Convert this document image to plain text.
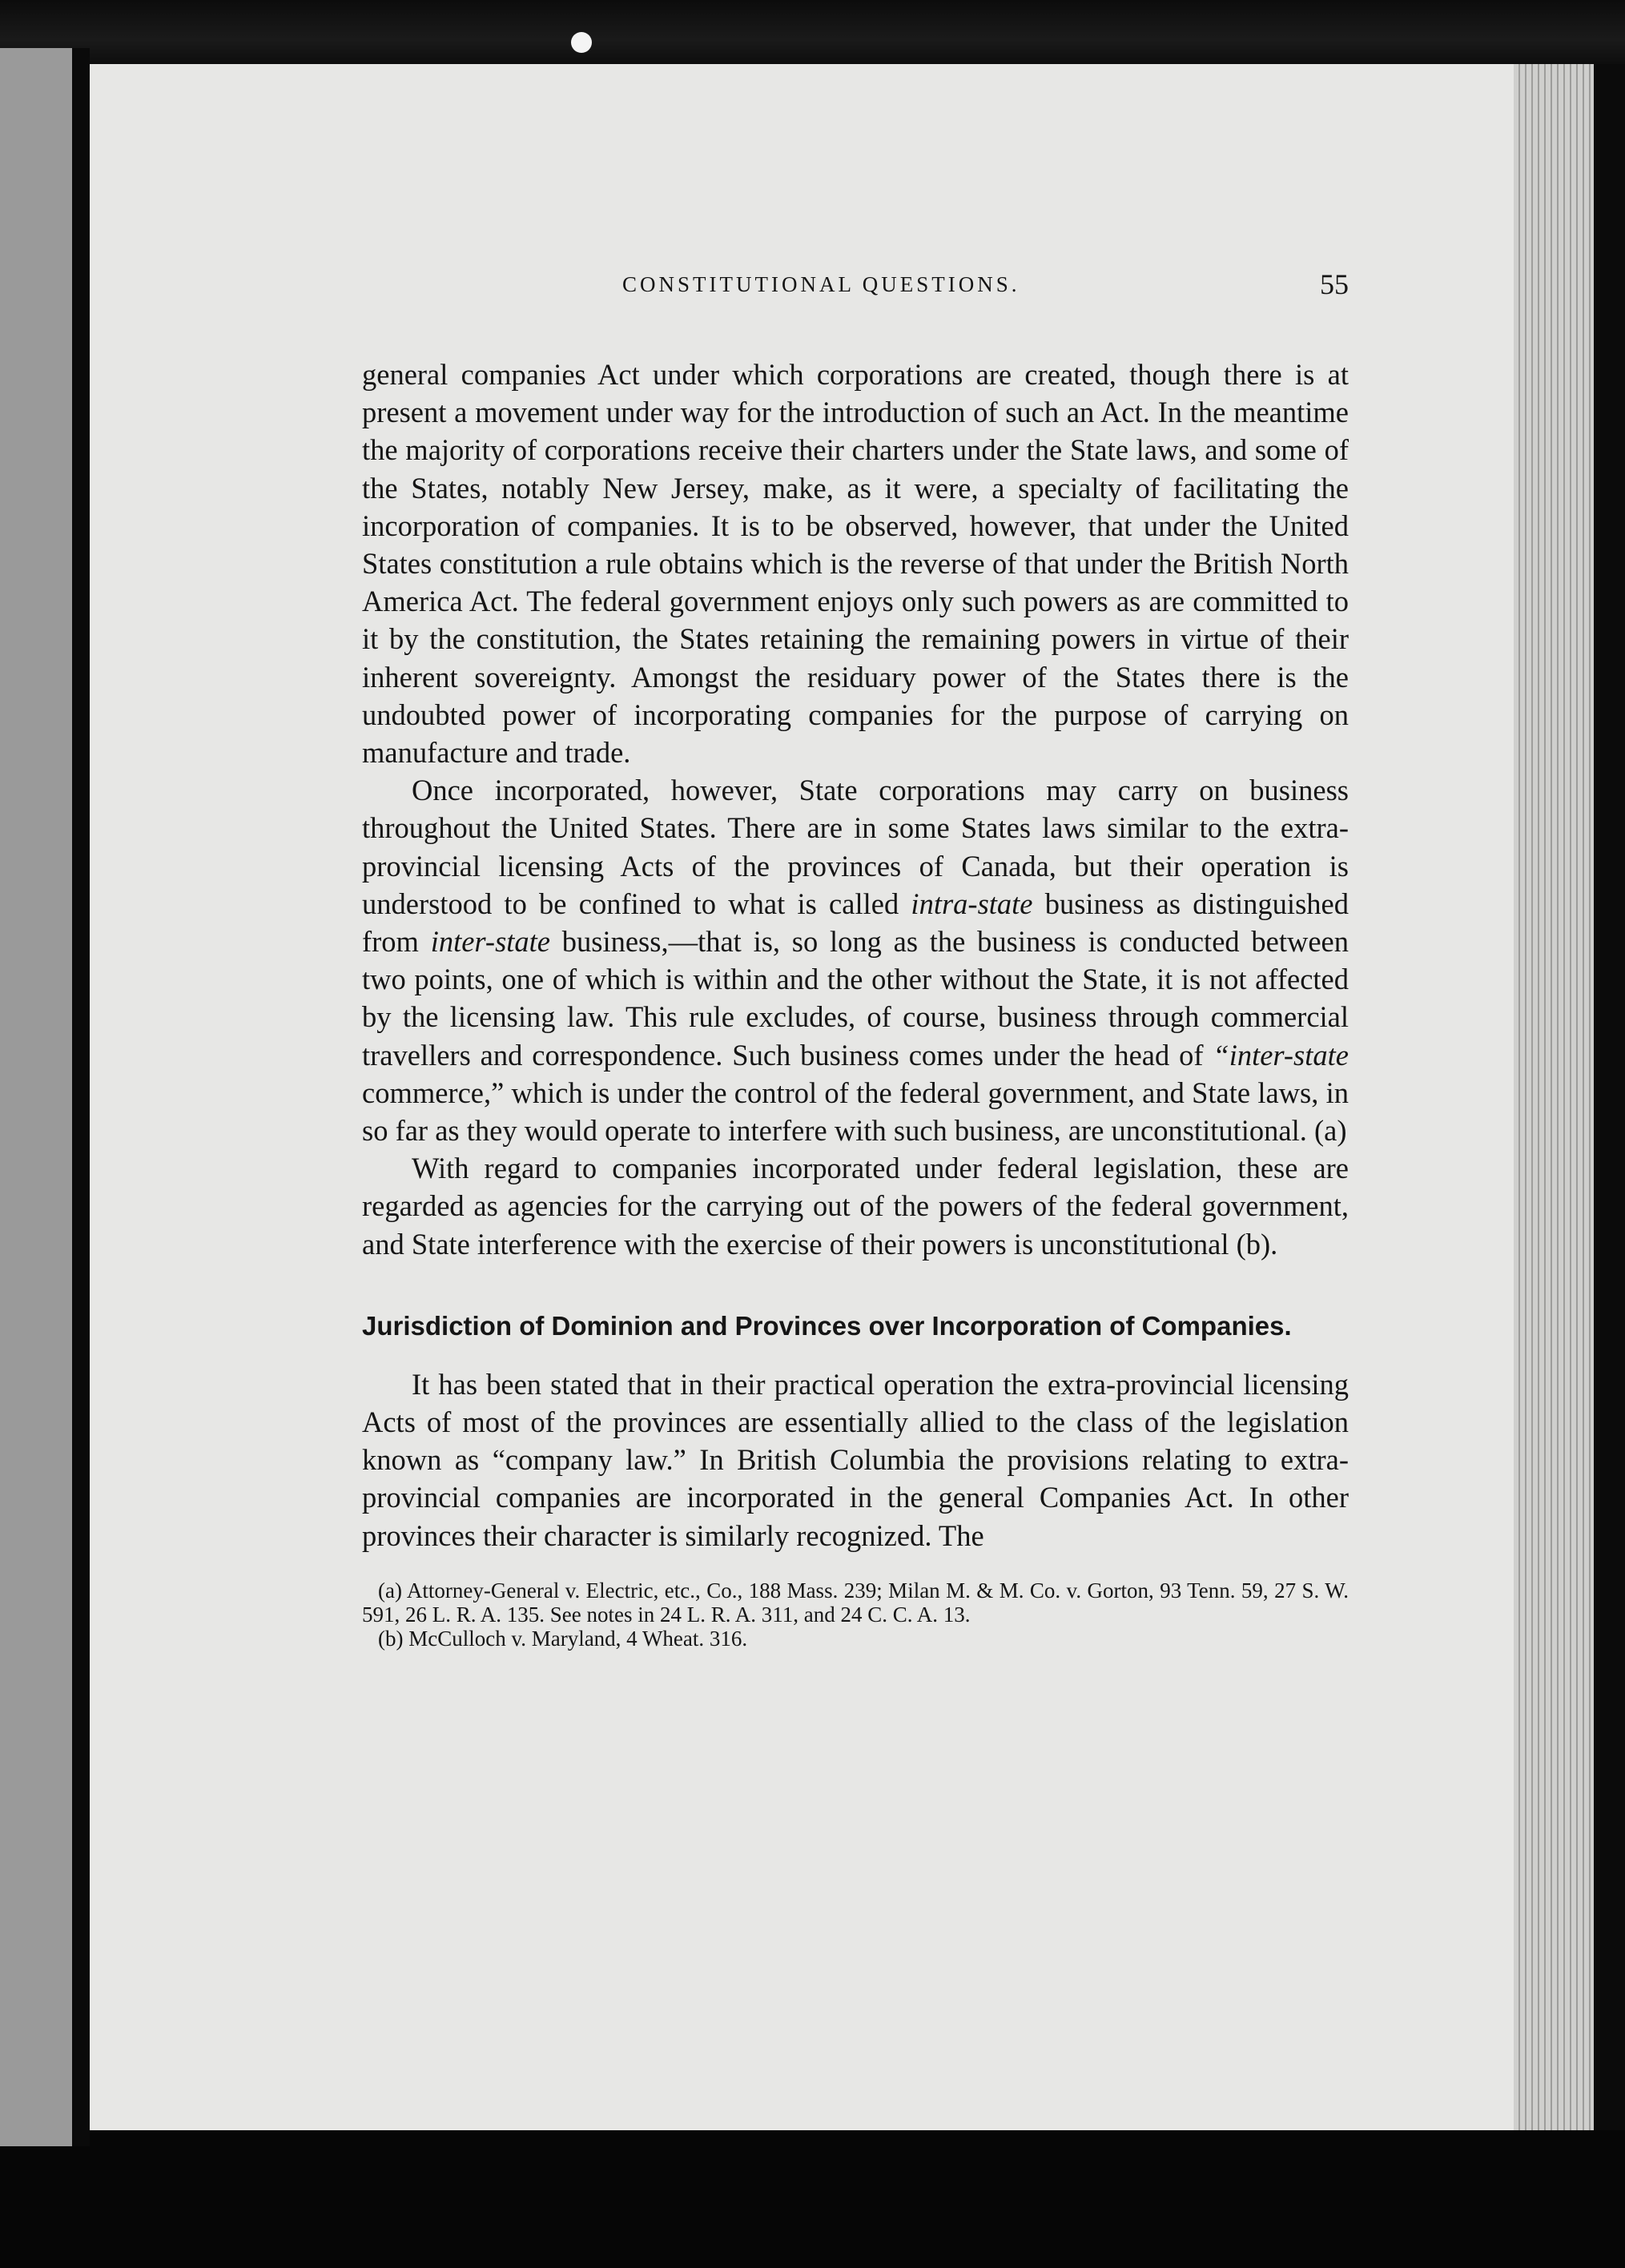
CONSTITUTIONAL QUESTIONS.	55

general companies Act under which corporations are created, though there is at present a movement under way for the introduction of such an Act. In the meantime the majority of corporations receive their charters under the State laws, and some of the States, notably New Jersey, make, as it were, a specialty of facilitating the incorporation of companies. It is to be observed, however, that under the United States constitution a rule obtains which is the reverse of that under the British North America Act. The federal government enjoys only such powers as are committed to it by the constitution, the States retaining the remaining powers in virtue of their inherent sovereignty. Amongst the residuary power of the States there is the undoubted power of incorporating companies for the purpose of carrying on manufacture and trade.

Once incorporated, however, State corporations may carry on business throughout the United States. There are in some States laws similar to the extra-provincial licensing Acts of the provinces of Canada, but their operation is understood to be confined to what is called intra-state business as distinguished from inter-state business,—that is, so long as the business is conducted between two points, one of which is within and the other without the State, it is not affected by the licensing law. This rule excludes, of course, business through commercial travellers and correspondence. Such business comes under the head of “inter-state commerce,” which is under the control of the federal government, and State laws, in so far as they would operate to interfere with such business, are unconstitutional. (a)

With regard to companies incorporated under federal legislation, these are regarded as agencies for the carrying out of the powers of the federal government, and State interference with the exercise of their powers is unconstitutional (b).

Jurisdiction of Dominion and Provinces over Incorporation of Companies.

It has been stated that in their practical operation the extra-provincial licensing Acts of most of the provinces are essentially allied to the class of the legislation known as “company law.” In British Columbia the provisions relating to extra-provincial companies are incorporated in the general Companies Act. In other provinces their character is similarly recognized. The

(a) Attorney-General v. Electric, etc., Co., 188 Mass. 239; Milan M. & M. Co. v. Gorton, 93 Tenn. 59, 27 S. W. 591, 26 L. R. A. 135. See notes in 24 L. R. A. 311, and 24 C. C. A. 13.

(b) McCulloch v. Maryland, 4 Wheat. 316.
